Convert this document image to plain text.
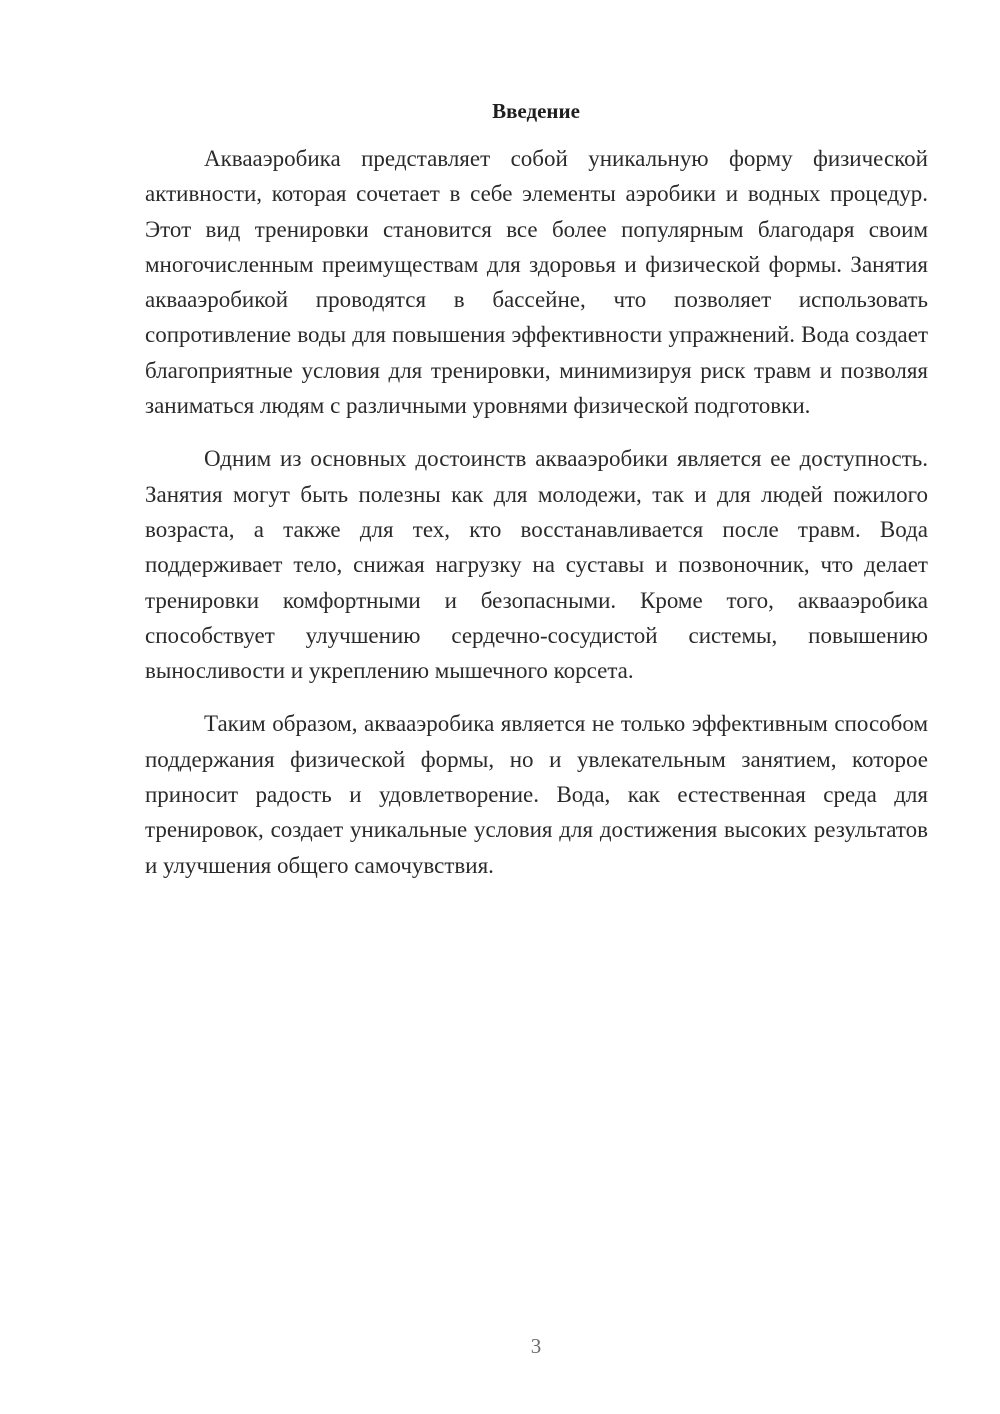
Введение

Аквааэробика представляет собой уникальную форму физической активности, которая сочетает в себе элементы аэробики и водных процедур. Этот вид тренировки становится все более популярным благодаря своим многочисленным преимуществам для здоровья и физической формы. Занятия аквааэробикой проводятся в бассейне, что позволяет использовать сопротивление воды для повышения эффективности упражнений. Вода создает благоприятные условия для тренировки, минимизируя риск травм и позволяя заниматься людям с различными уровнями физической подготовки.

Одним из основных достоинств аквааэробики является ее доступность. Занятия могут быть полезны как для молодежи, так и для людей пожилого возраста, а также для тех, кто восстанавливается после травм. Вода поддерживает тело, снижая нагрузку на суставы и позвоночник, что делает тренировки комфортными и безопасными. Кроме того, аквааэробика способствует улучшению сердечно-сосудистой системы, повышению выносливости и укреплению мышечного корсета.

Таким образом, аквааэробика является не только эффективным способом поддержания физической формы, но и увлекательным занятием, которое приносит радость и удовлетворение. Вода, как естественная среда для тренировок, создает уникальные условия для достижения высоких результатов и улучшения общего самочувствия.

3
